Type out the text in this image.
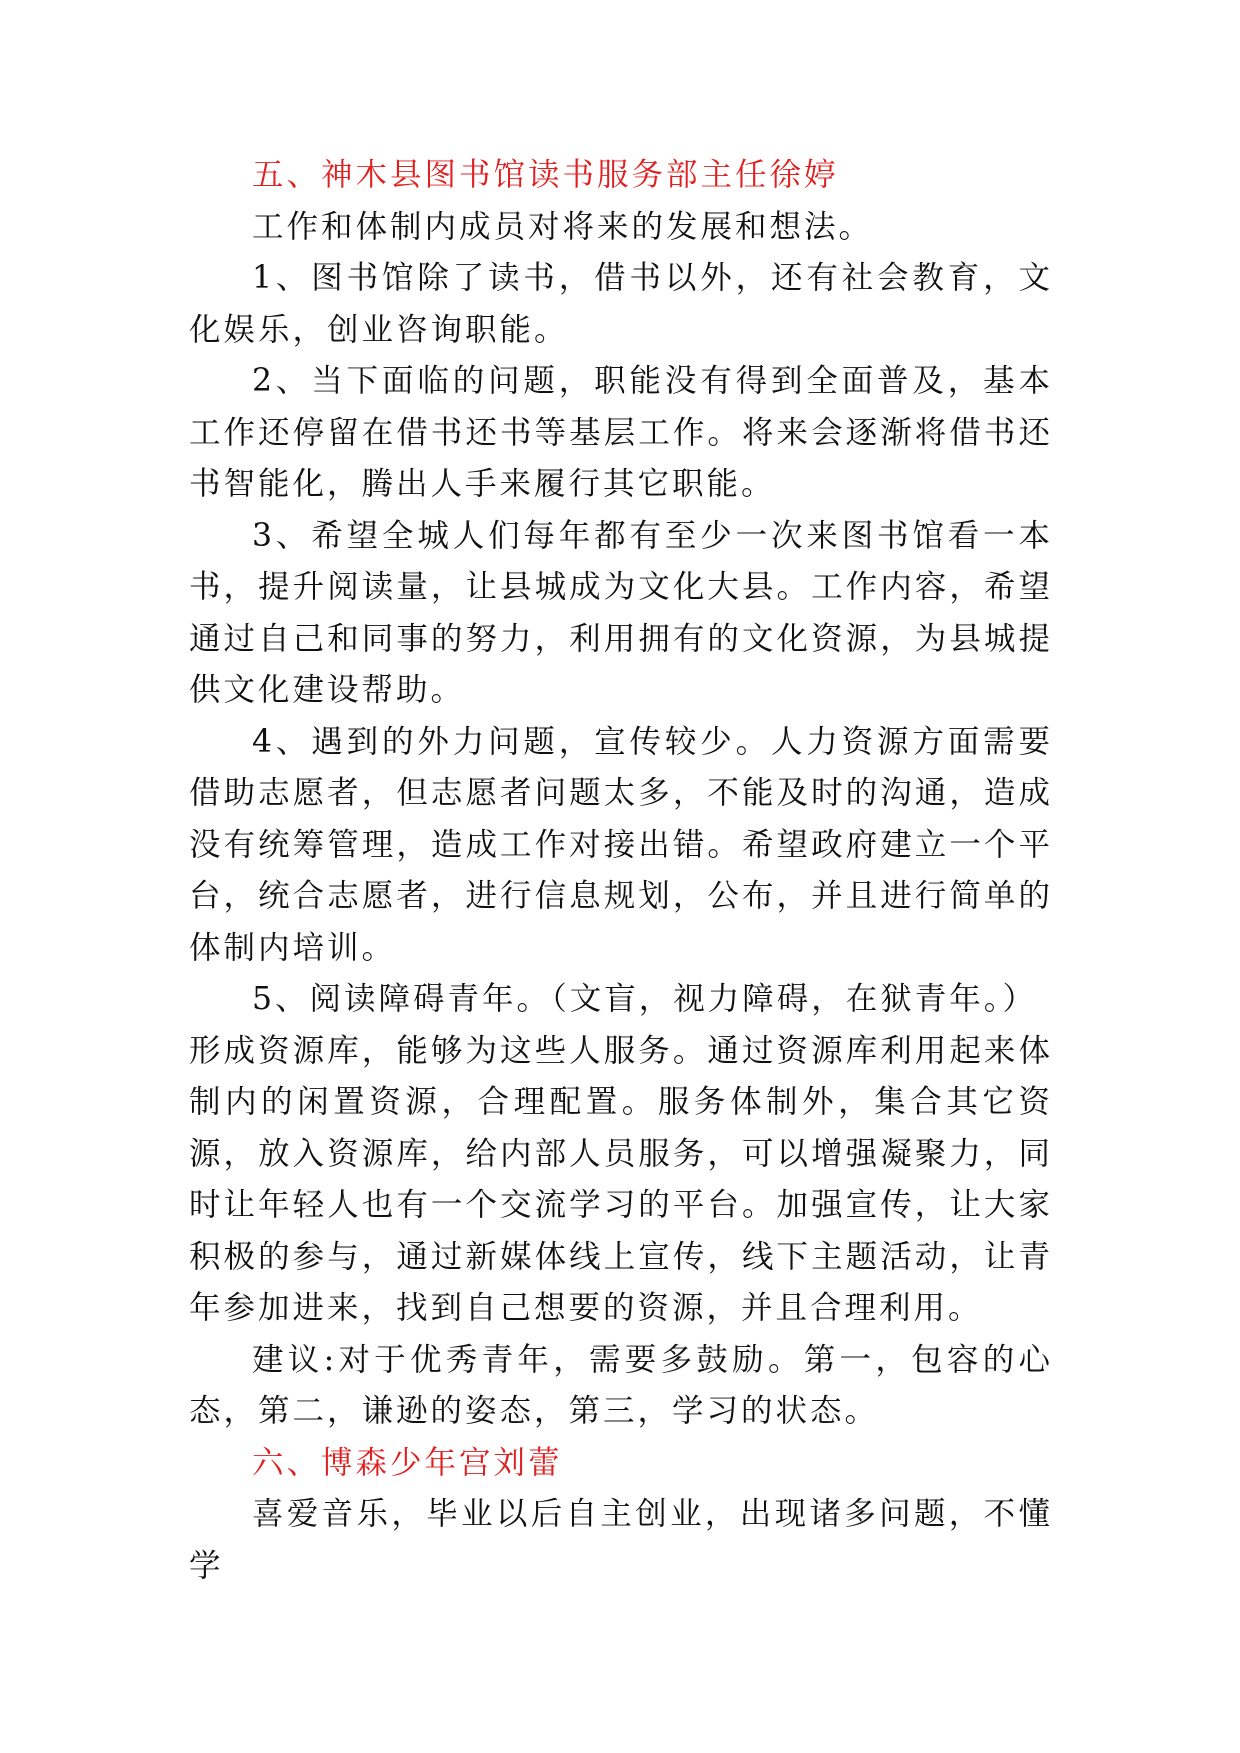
五、神木县图书馆读书服务部主任徐婷

工作和体制内成员对将来的发展和想法。

1、图书馆除了读书，借书以外，还有社会教育，文化娱乐，创业咨询职能。

2、当下面临的问题，职能没有得到全面普及，基本工作还停留在借书还书等基层工作。将来会逐渐将借书还书智能化，腾出人手来履行其它职能。

3、希望全城人们每年都有至少一次来图书馆看一本书，提升阅读量，让县城成为文化大县。工作内容，希望通过自己和同事的努力，利用拥有的文化资源，为县城提供文化建设帮助。

4、遇到的外力问题，宣传较少。人力资源方面需要借助志愿者，但志愿者问题太多，不能及时的沟通，造成没有统筹管理，造成工作对接出错。希望政府建立一个平台，统合志愿者，进行信息规划，公布，并且进行简单的体制内培训。

5、阅读障碍青年。（文盲，视力障碍，在狱青年。）

形成资源库，能够为这些人服务。通过资源库利用起来体制内的闲置资源，合理配置。服务体制外，集合其它资源，放入资源库，给内部人员服务，可以增强凝聚力，同时让年轻人也有一个交流学习的平台。加强宣传，让大家积极的参与，通过新媒体线上宣传，线下主题活动，让青年参加进来，找到自己想要的资源，并且合理利用。

建议:对于优秀青年，需要多鼓励。第一，包容的心态，第二，谦逊的姿态，第三，学习的状态。

六、博森少年宫刘蕾

喜爱音乐，毕业以后自主创业，出现诸多问题，不懂学
